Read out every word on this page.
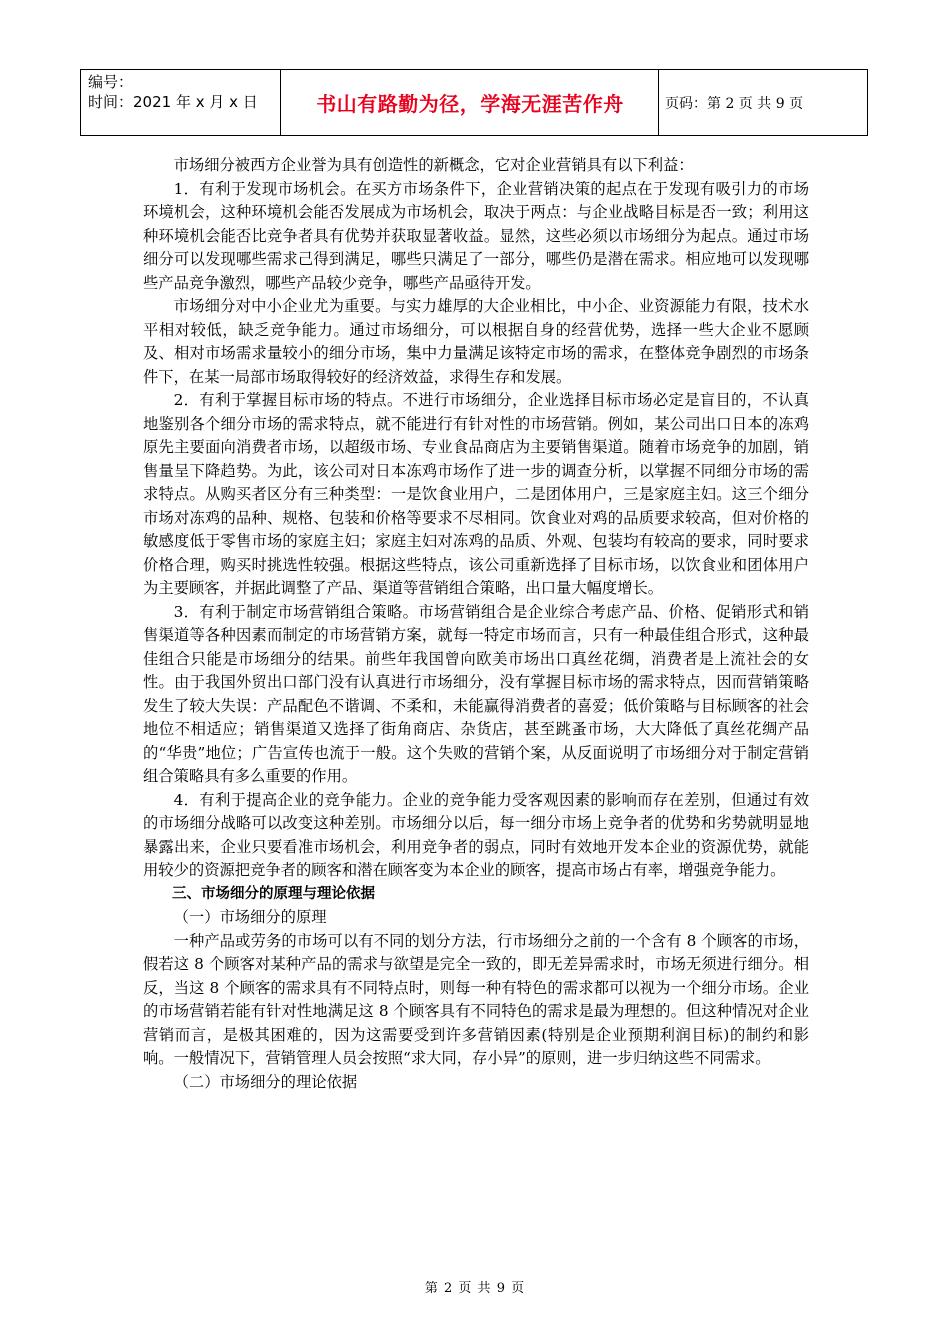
编号：
时间：2021 年 x 月 x 日	书山有路勤为径，学海无涯苦作舟	页码：第 2 页 共 9 页

市场细分被西方企业誉为具有创造性的新概念，它对企业营销具有以下利益：

1．有利于发现市场机会。在买方市场条件下，企业营销决策的起点在于发现有吸引力的市场环境机会，这种环境机会能否发展成为市场机会，取决于两点：与企业战略目标是否一致；利用这种环境机会能否比竞争者具有优势并获取显著收益。显然，这些必须以市场细分为起点。通过市场细分可以发现哪些需求己得到满足，哪些只满足了一部分，哪些仍是潜在需求。相应地可以发现哪些产品竞争激烈，哪些产品较少竞争，哪些产品亟待开发。

市场细分对中小企业尤为重要。与实力雄厚的大企业相比，中小企、业资源能力有限，技术水平相对较低，缺乏竞争能力。通过市场细分，可以根据自身的经营优势，选择一些大企业不愿顾及、相对市场需求量较小的细分市场，集中力量满足该特定市场的需求，在整体竞争剧烈的市场条件下，在某一局部市场取得较好的经济效益，求得生存和发展。

2．有利于掌握目标市场的特点。不进行市场细分，企业选择目标市场必定是盲目的，不认真地鉴别各个细分市场的需求特点，就不能进行有针对性的市场营销。例如，某公司出口日本的冻鸡原先主要面向消费者市场，以超级市场、专业食品商店为主要销售渠道。随着市场竞争的加剧，销售量呈下降趋势。为此，该公司对日本冻鸡市场作了进一步的调查分析，以掌握不同细分市场的需求特点。从购买者区分有三种类型：一是饮食业用户，二是团体用户，三是家庭主妇。这三个细分市场对冻鸡的品种、规格、包装和价格等要求不尽相同。饮食业对鸡的品质要求较高，但对价格的敏感度低于零售市场的家庭主妇；家庭主妇对冻鸡的品质、外观、包装均有较高的要求，同时要求价格合理，购买时挑选性较强。根据这些特点，该公司重新选择了目标市场，以饮食业和团体用户为主要顾客，并据此调整了产品、渠道等营销组合策略，出口量大幅度增长。

3．有利于制定市场营销组合策略。市场营销组合是企业综合考虑产品、价格、促销形式和销售渠道等各种因素而制定的市场营销方案，就每一特定市场而言，只有一种最佳组合形式，这种最佳组合只能是市场细分的结果。前些年我国曾向欧美市场出口真丝花绸，消费者是上流社会的女性。由于我国外贸出口部门没有认真进行市场细分，没有掌握目标市场的需求特点，因而营销策略发生了较大失误：产品配色不谐调、不柔和，未能赢得消费者的喜爱；低价策略与目标顾客的社会地位不相适应；销售渠道又选择了街角商店、杂货店，甚至跳蚤市场，大大降低了真丝花绸产品的“华贵”地位；广告宣传也流于一般。这个失败的营销个案，从反面说明了市场细分对于制定营销组合策略具有多么重要的作用。

4．有利于提高企业的竞争能力。企业的竞争能力受客观因素的影响而存在差别，但通过有效的市场细分战略可以改变这种差别。市场细分以后，每一细分市场上竞争者的优势和劣势就明显地暴露出来，企业只要看准市场机会，利用竞争者的弱点，同时有效地开发本企业的资源优势，就能用较少的资源把竞争者的顾客和潜在顾客变为本企业的顾客，提高市场占有率，增强竞争能力。

三、市场细分的原理与理论依据

（一）市场细分的原理

一种产品或劳务的市场可以有不同的划分方法，行市场细分之前的一个含有 8 个顾客的市场，假若这 8 个顾客对某种产品的需求与欲望是完全一致的，即无差异需求时，市场无须进行细分。相反，当这 8 个顾客的需求具有不同特点时，则每一种有特色的需求都可以视为一个细分市场。企业的市场营销若能有针对性地满足这 8 个顾客具有不同特色的需求是最为理想的。但这种情况对企业营销而言，是极其困难的，因为这需要受到许多营销因素(特别是企业预期利润目标)的制约和影响。一般情况下，营销管理人员会按照“求大同，存小异”的原则，进一步归纳这些不同需求。

（二）市场细分的理论依据

第 2 页 共 9 页
